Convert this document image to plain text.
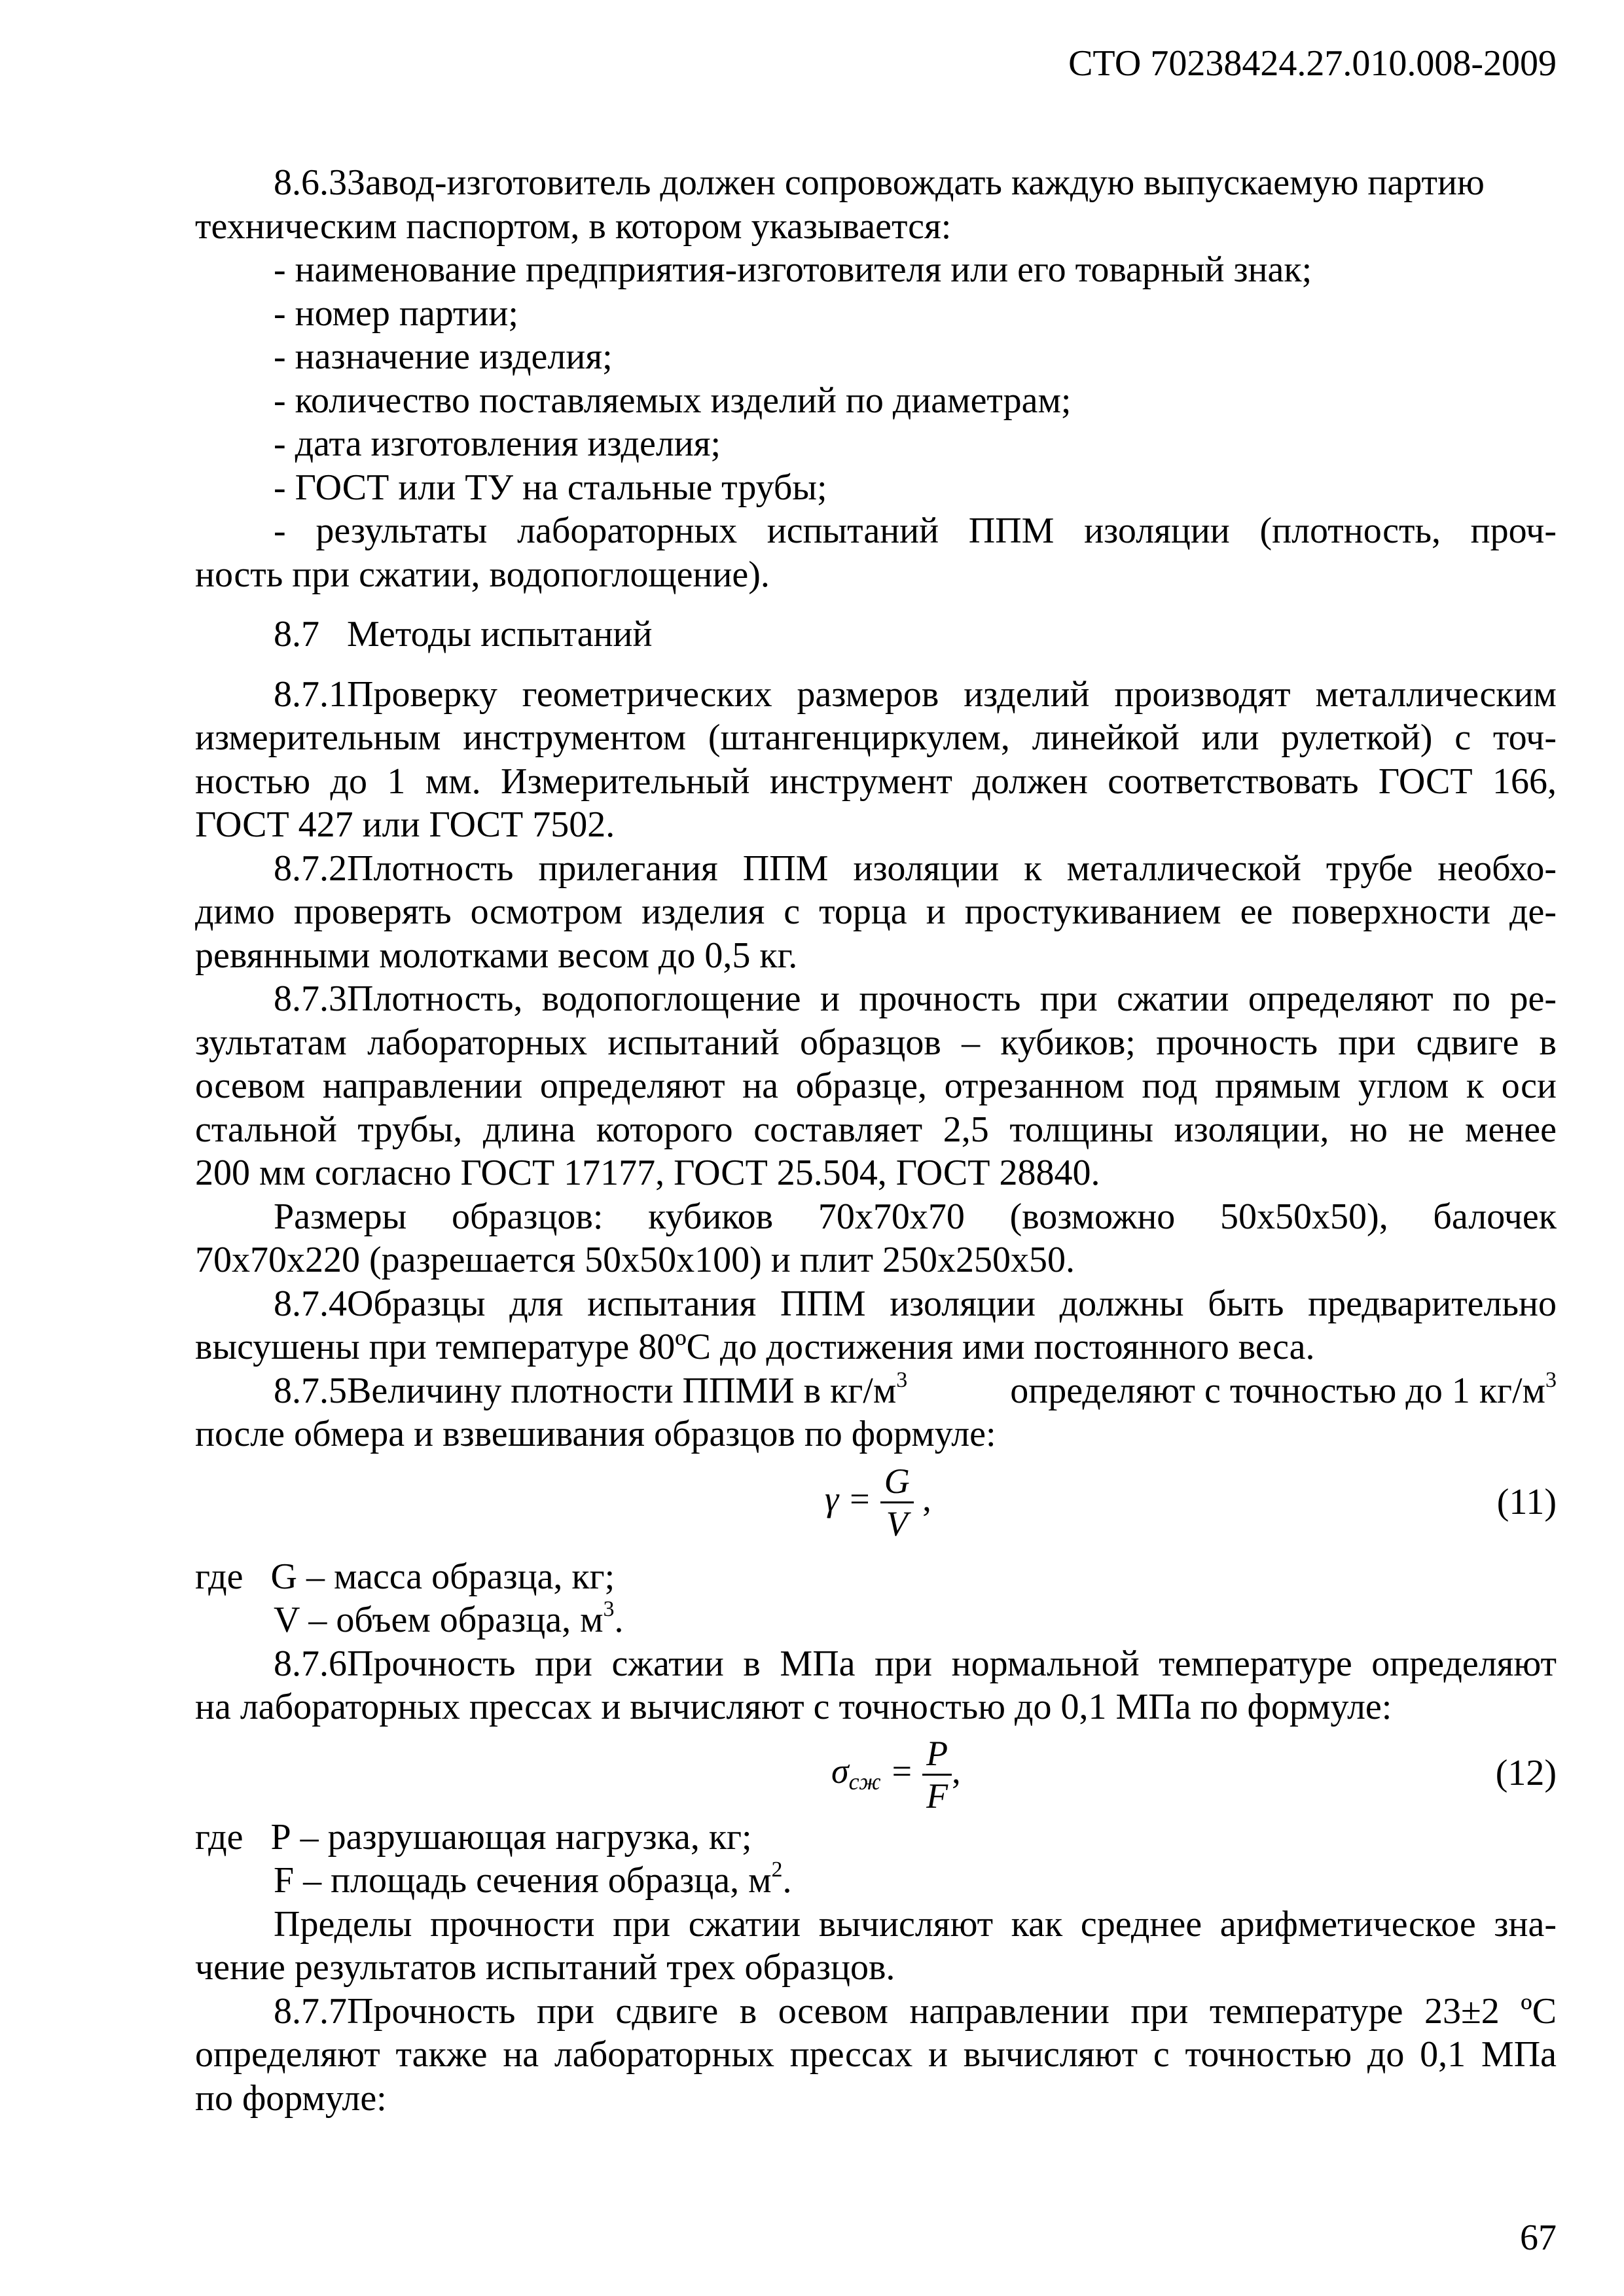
СТО 70238424.27.010.008-2009
8.6.3Завод-изготовитель должен сопровождать каждую выпускаемую партию
техническим паспортом, в котором указывается:
- наименование предприятия-изготовителя или его товарный знак;
- номер партии;
- назначение изделия;
- количество поставляемых изделий по диаметрам;
- дата изготовления изделия;
- ГОСТ или ТУ на стальные трубы;
- результаты лабораторных испытаний ППМ изоляции (плотность, проч-
ность при сжатии, водопоглощение).
8.7   Методы испытаний
8.7.1Проверку геометрических размеров изделий производят металлическим
измерительным инструментом (штангенциркулем, линейкой или рулеткой) с точ-
ностью до 1 мм. Измерительный инструмент должен соответствовать ГОСТ 166,
ГОСТ 427 или ГОСТ 7502.
8.7.2Плотность прилегания ППМ изоляции к металлической трубе необхо-
димо проверять осмотром изделия с торца и простукиванием ее поверхности де-
ревянными молотками весом до 0,5 кг.
8.7.3Плотность, водопоглощение и прочность при сжатии определяют по ре-
зультатам лабораторных испытаний образцов – кубиков; прочность при сдвиге в
осевом направлении определяют на образце, отрезанном под прямым углом к оси
стальной трубы, длина которого составляет 2,5 толщины изоляции, но не менее
200 мм согласно ГОСТ 17177, ГОСТ 25.504, ГОСТ 28840.
Размеры образцов: кубиков 70х70х70 (возможно 50х50х50), балочек
70х70х220 (разрешается 50х50х100) и плит 250х250х50.
8.7.4Образцы для испытания ППМ изоляции должны быть предварительно
высушены при температуре 80ºС до достижения ими постоянного веса.
8.7.5Величину плотности ППМИ в $кг/м^3$	определяют с точностью до 1 $кг/м^3$
после обмера и взвешивания образцов по формуле:
$\gamma = \frac{G}{V}$ ,	(11)
где   G – масса образца, кг;
V – объем образца, $м^3$.
8.7.6Прочность при сжатии в МПа при нормальной температуре определяют
на лабораторных прессах и вычисляют с точностью до 0,1 МПа по формуле:
$\sigma_{сж} = \frac{P}{F}$ ,	(12)
где   Р – разрушающая нагрузка, кг;
F – площадь сечения образца, $м^2$.
Пределы прочности при сжатии вычисляют как среднее арифметическое зна-
чение результатов испытаний трех образцов.
8.7.7Прочность при сдвиге в осевом направлении при температуре 23±2 ºС
определяют также на лабораторных прессах и вычисляют с точностью до 0,1 МПа
по формуле:
67
